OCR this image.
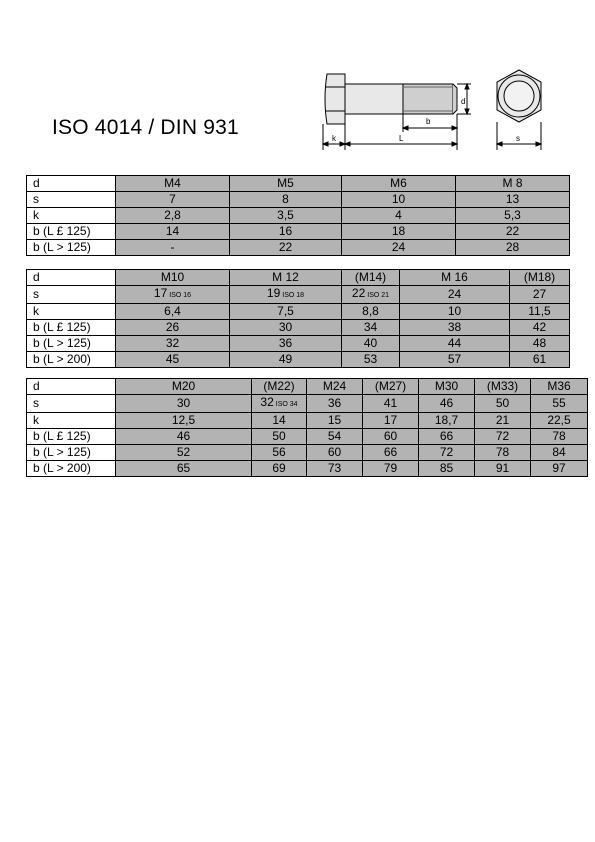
ISO 4014 / DIN 931
d
b
k	L	s
d	M4	M5	M6	M 8
s	7	8	10	13
k	2,8	3,5	4	5,3
b (L £ 125)	14	16	18	22
b (L > 125)	-	22	24	28
d	M10	M 12	(M14)	M 16	(M18)
s	17 ISO 16	19 ISO 18	22 ISO 21	24	27
k	6,4	7,5	8,8	10	11,5
b (L £ 125)	26	30	34	38	42
b (L > 125)	32	36	40	44	48
b (L > 200)	45	49	53	57	61
d	M20	(M22)	M24	(M27)	M30	(M33)	M36
s	30	32 ISO 34	36	41	46	50	55
k	12,5	14	15	17	18,7	21	22,5
b (L £ 125)	46	50	54	60	66	72	78
b (L > 125)	52	56	60	66	72	78	84
b (L > 200)	65	69	73	79	85	91	97
